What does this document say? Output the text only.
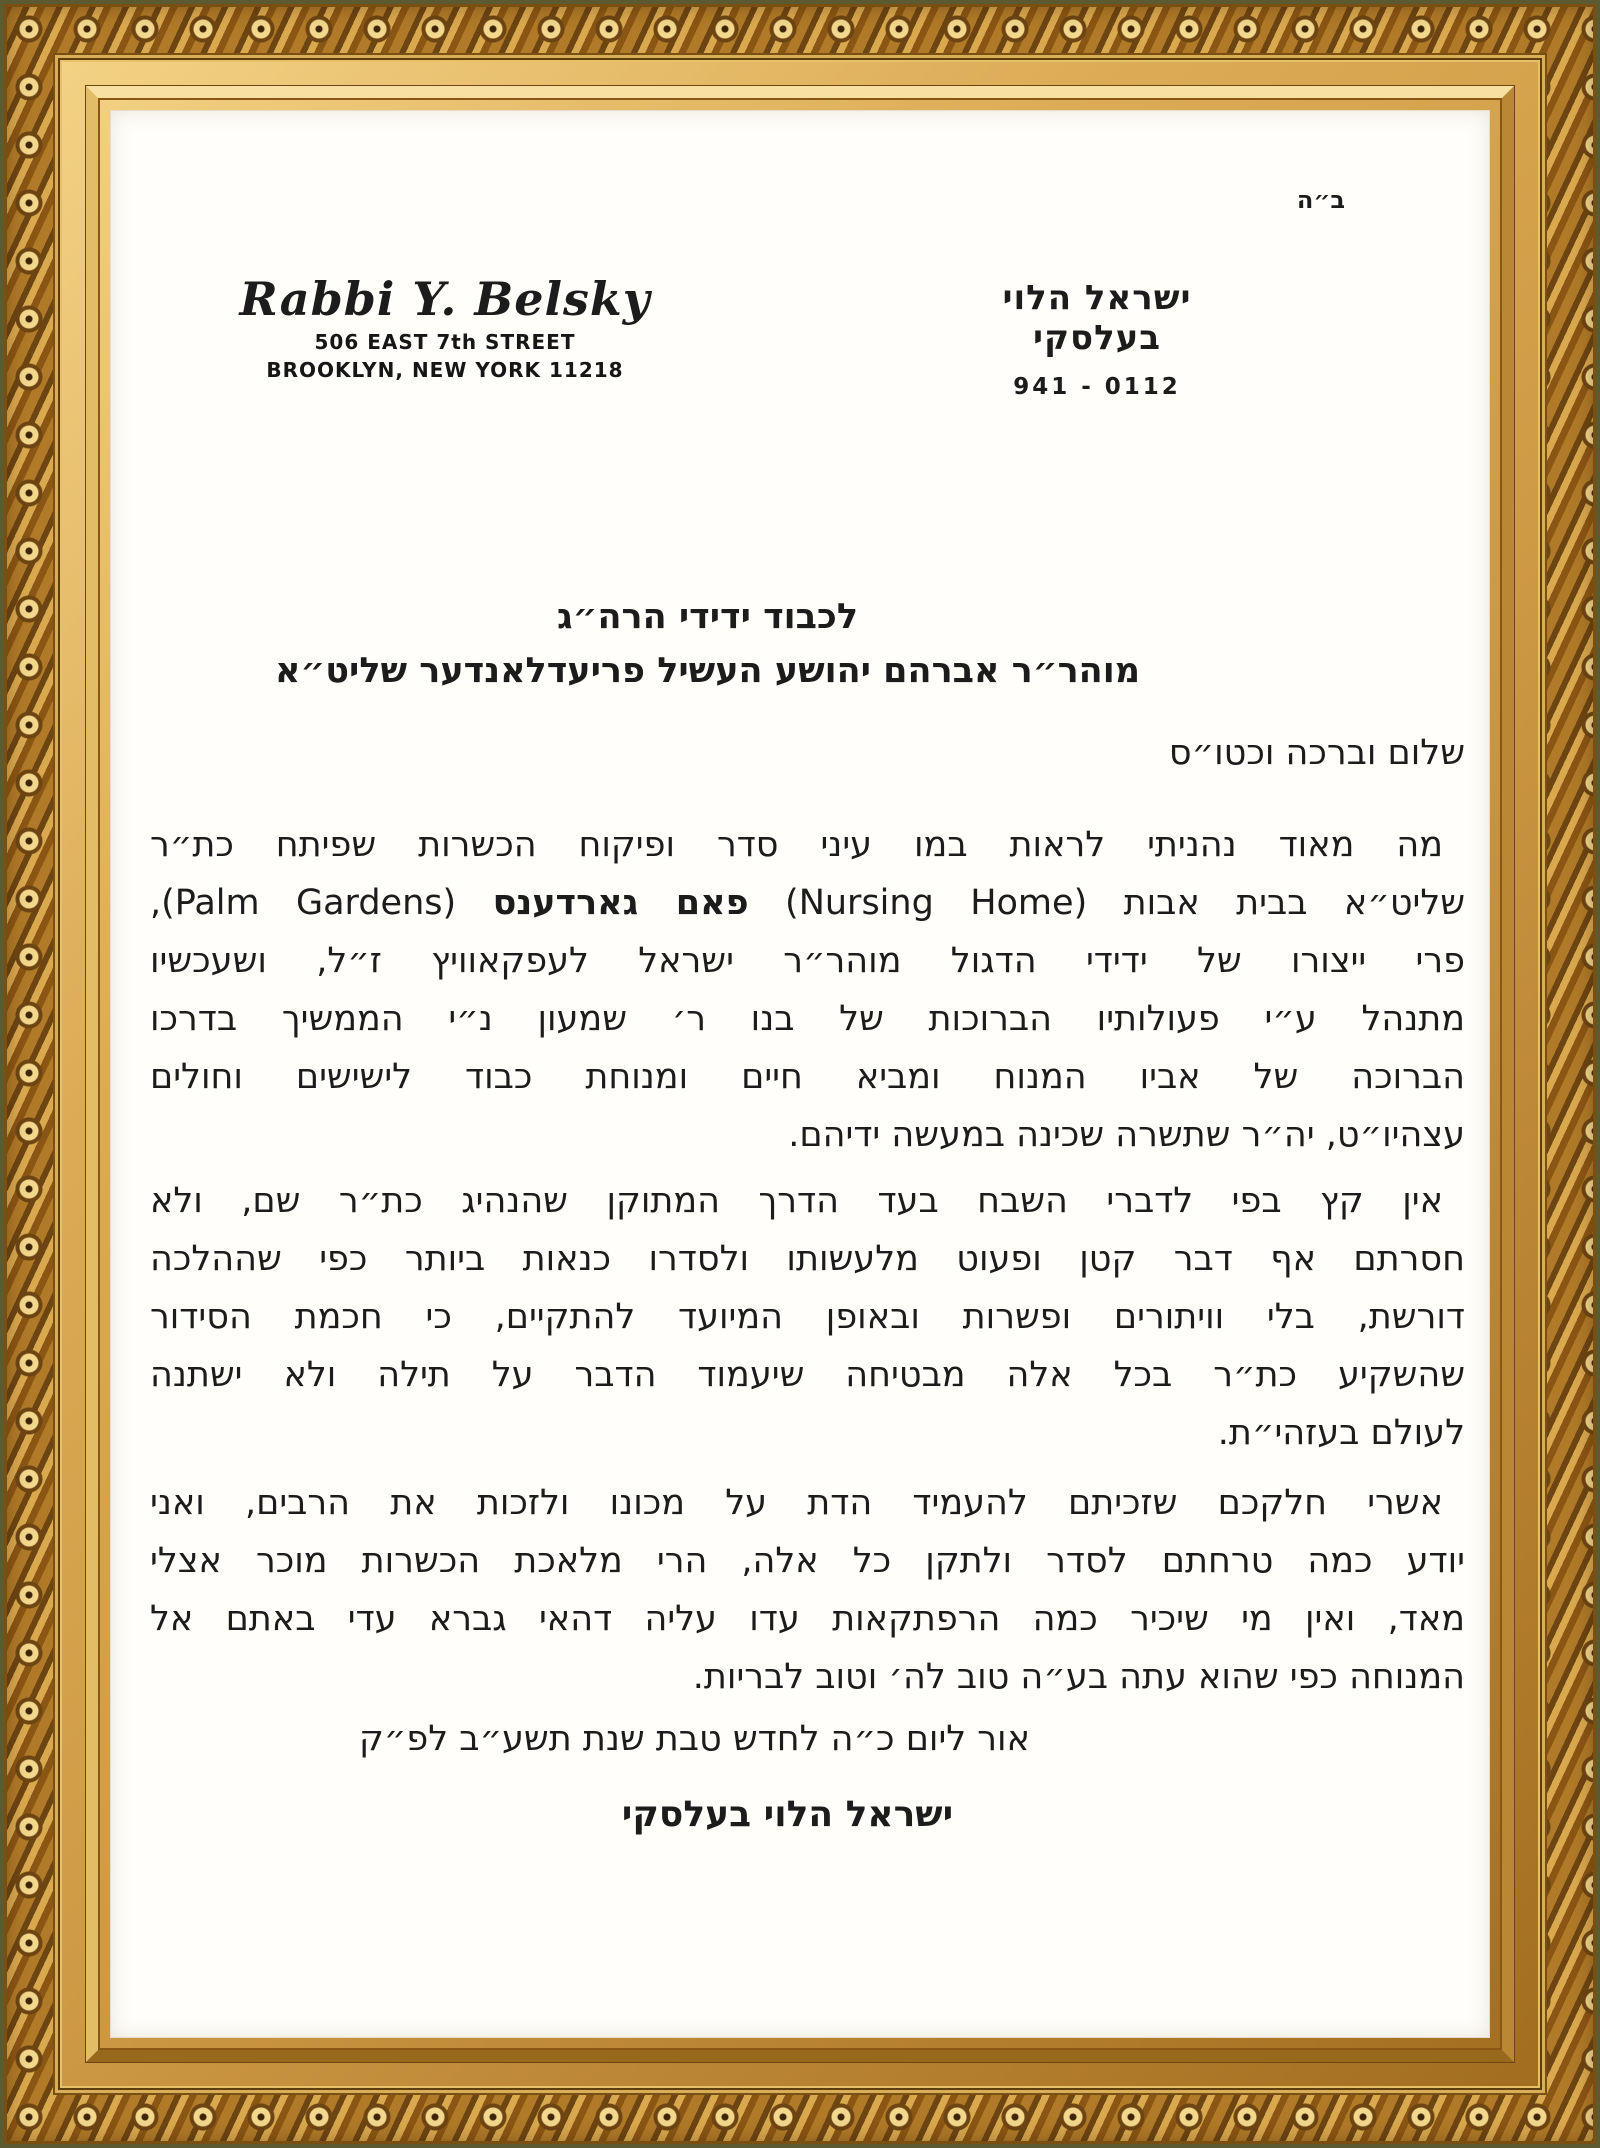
ב״ה
Rabbi Y. Belsky
506 EAST 7th STREET
BROOKLYN, NEW YORK 11218
ישראל הלוי בעלסקי
941 - 0112
לכבוד ידידי הרה״ג
מוהר״ר אברהם יהושע העשיל פריעדלאנדער שליט״א
שלום וברכה וכטו״ס
מה מאוד נהניתי לראות במו עיני סדר ופיקוח הכשרות שפיתח כת״ר
שליט״א בבית אבות (Nursing Home) פאם גארדענס (Palm Gardens),
פרי ייצורו של ידידי הדגול מוהר״ר ישראל לעפקאוויץ ז״ל, ושעכשיו
מתנהל ע״י פעולותיו הברוכות של בנו ר׳ שמעון נ״י הממשיך בדרכו
הברוכה של אביו המנוח ומביא חיים ומנוחת כבוד לישישים וחולים
עצהיו״ט, יה״ר שתשרה שכינה במעשה ידיהם.
אין קץ בפי לדברי השבח בעד הדרך המתוקן שהנהיג כת״ר שם, ולא
חסרתם אף דבר קטן ופעוט מלעשותו ולסדרו כנאות ביותר כפי שההלכה
דורשת, בלי וויתורים ופשרות ובאופן המיועד להתקיים, כי חכמת הסידור
שהשקיע כת״ר בכל אלה מבטיחה שיעמוד הדבר על תילה ולא ישתנה
לעולם בעזהי״ת.
אשרי חלקכם שזכיתם להעמיד הדת על מכונו ולזכות את הרבים, ואני
יודע כמה טרחתם לסדר ולתקן כל אלה, הרי מלאכת הכשרות מוכר אצלי
מאד, ואין מי שיכיר כמה הרפתקאות עדו עליה דהאי גברא עדי באתם אל
המנוחה כפי שהוא עתה בע״ה טוב לה׳ וטוב לבריות.
אור ליום כ״ה לחדש טבת שנת תשע״ב לפ״ק
ישראל הלוי בעלסקי
